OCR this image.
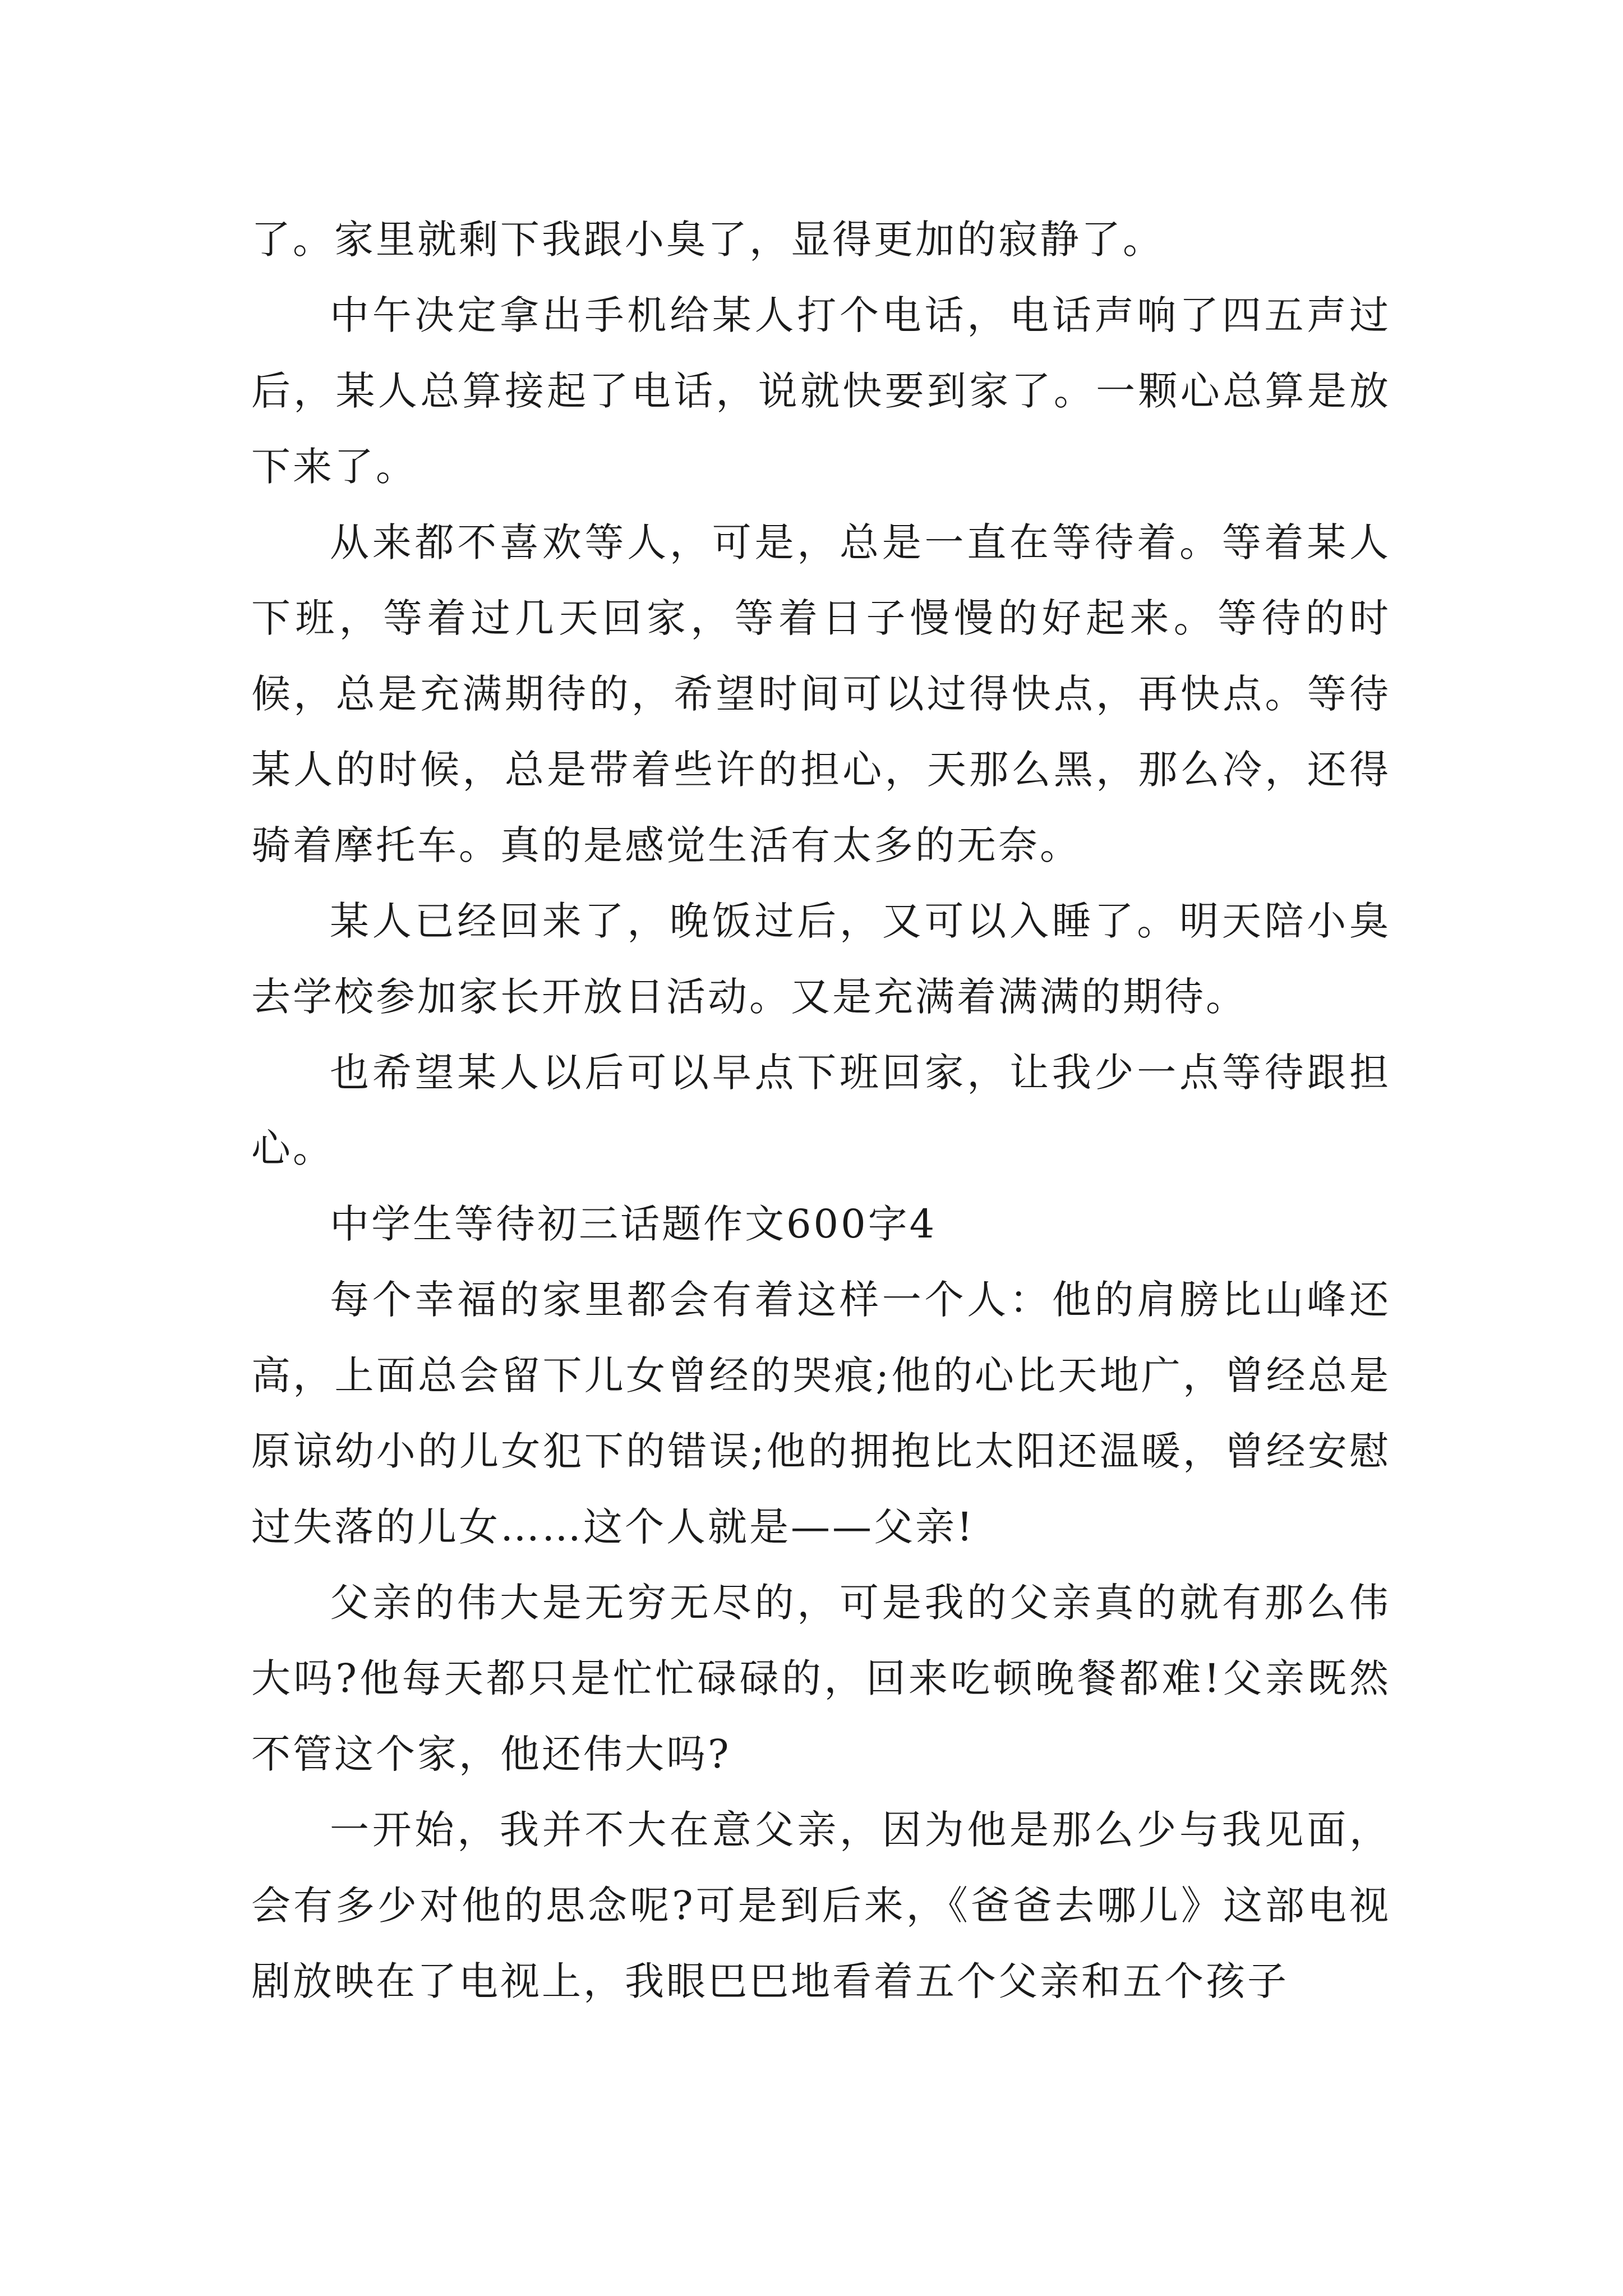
了。家里就剩下我跟小臭了，显得更加的寂静了。

中午决定拿出手机给某人打个电话，电话声响了四五声过后，某人总算接起了电话，说就快要到家了。一颗心总算是放下来了。

从来都不喜欢等人，可是，总是一直在等待着。等着某人下班，等着过几天回家，等着日子慢慢的好起来。等待的时候，总是充满期待的，希望时间可以过得快点，再快点。等待某人的时候，总是带着些许的担心，天那么黑，那么冷，还得骑着摩托车。真的是感觉生活有太多的无奈。

某人已经回来了，晚饭过后，又可以入睡了。明天陪小臭去学校参加家长开放日活动。又是充满着满满的期待。

也希望某人以后可以早点下班回家，让我少一点等待跟担心。

中学生等待初三话题作文600字4

每个幸福的家里都会有着这样一个人：他的肩膀比山峰还高，上面总会留下儿女曾经的哭痕;他的心比天地广，曾经总是原谅幼小的儿女犯下的错误;他的拥抱比太阳还温暖，曾经安慰过失落的儿女……这个人就是——父亲!

父亲的伟大是无穷无尽的，可是我的父亲真的就有那么伟大吗?他每天都只是忙忙碌碌的，回来吃顿晚餐都难!父亲既然不管这个家，他还伟大吗?

一开始，我并不大在意父亲，因为他是那么少与我见面，会有多少对他的思念呢?可是到后来，《爸爸去哪儿》这部电视剧放映在了电视上，我眼巴巴地看着五个父亲和五个孩子
